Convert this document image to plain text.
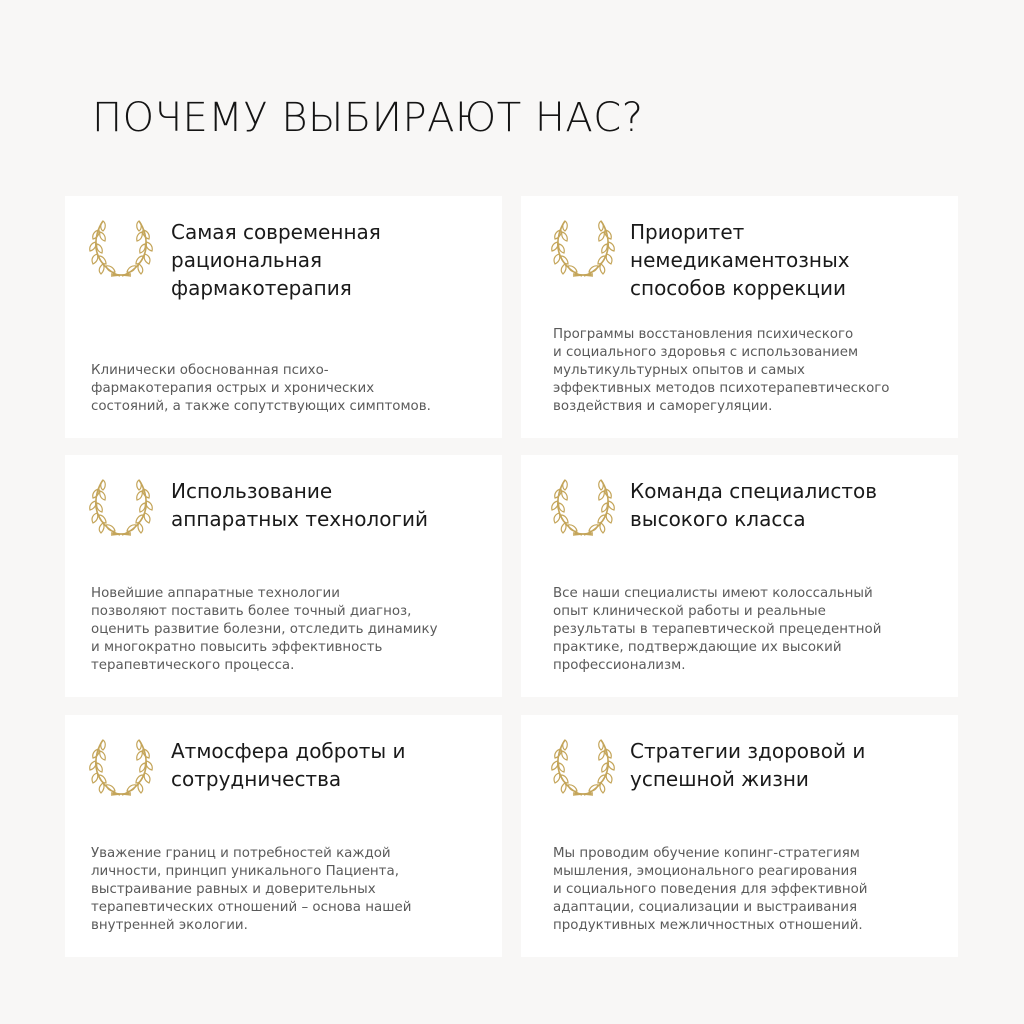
ПОЧЕМУ ВЫБИРАЮТ НАС?
Самая современная
рациональная
фармакотерапия

Клинически обоснованная психо-
фармакотерапия острых и хронических
состояний, а также сопутствующих симптомов.

Приоритет
немедикаментозных
способов коррекции

Программы восстановления психического
и социального здоровья с использованием
мультикультурных опытов и самых
эффективных методов психотерапевтического
воздействия и саморегуляции.

Использование
аппаратных технологий

Новейшие аппаратные технологии
позволяют поставить более точный диагноз,
оценить развитие болезни, отследить динамику
и многократно повысить эффективность
терапевтического процесса.

Команда специалистов
высокого класса

Все наши специалисты имеют колоссальный
опыт клинической работы и реальные
результаты в терапевтической прецедентной
практике, подтверждающие их высокий
профессионализм.

Атмосфера доброты и
сотрудничества

Уважение границ и потребностей каждой
личности, принцип уникального Пациента,
выстраивание равных и доверительных
терапевтических отношений – основа нашей
внутренней экологии.

Стратегии здоровой и
успешной жизни

Мы проводим обучение копинг-стратегиям
мышления, эмоционального реагирования
и социального поведения для эффективной
адаптации, социализации и выстраивания
продуктивных межличностных отношений.
